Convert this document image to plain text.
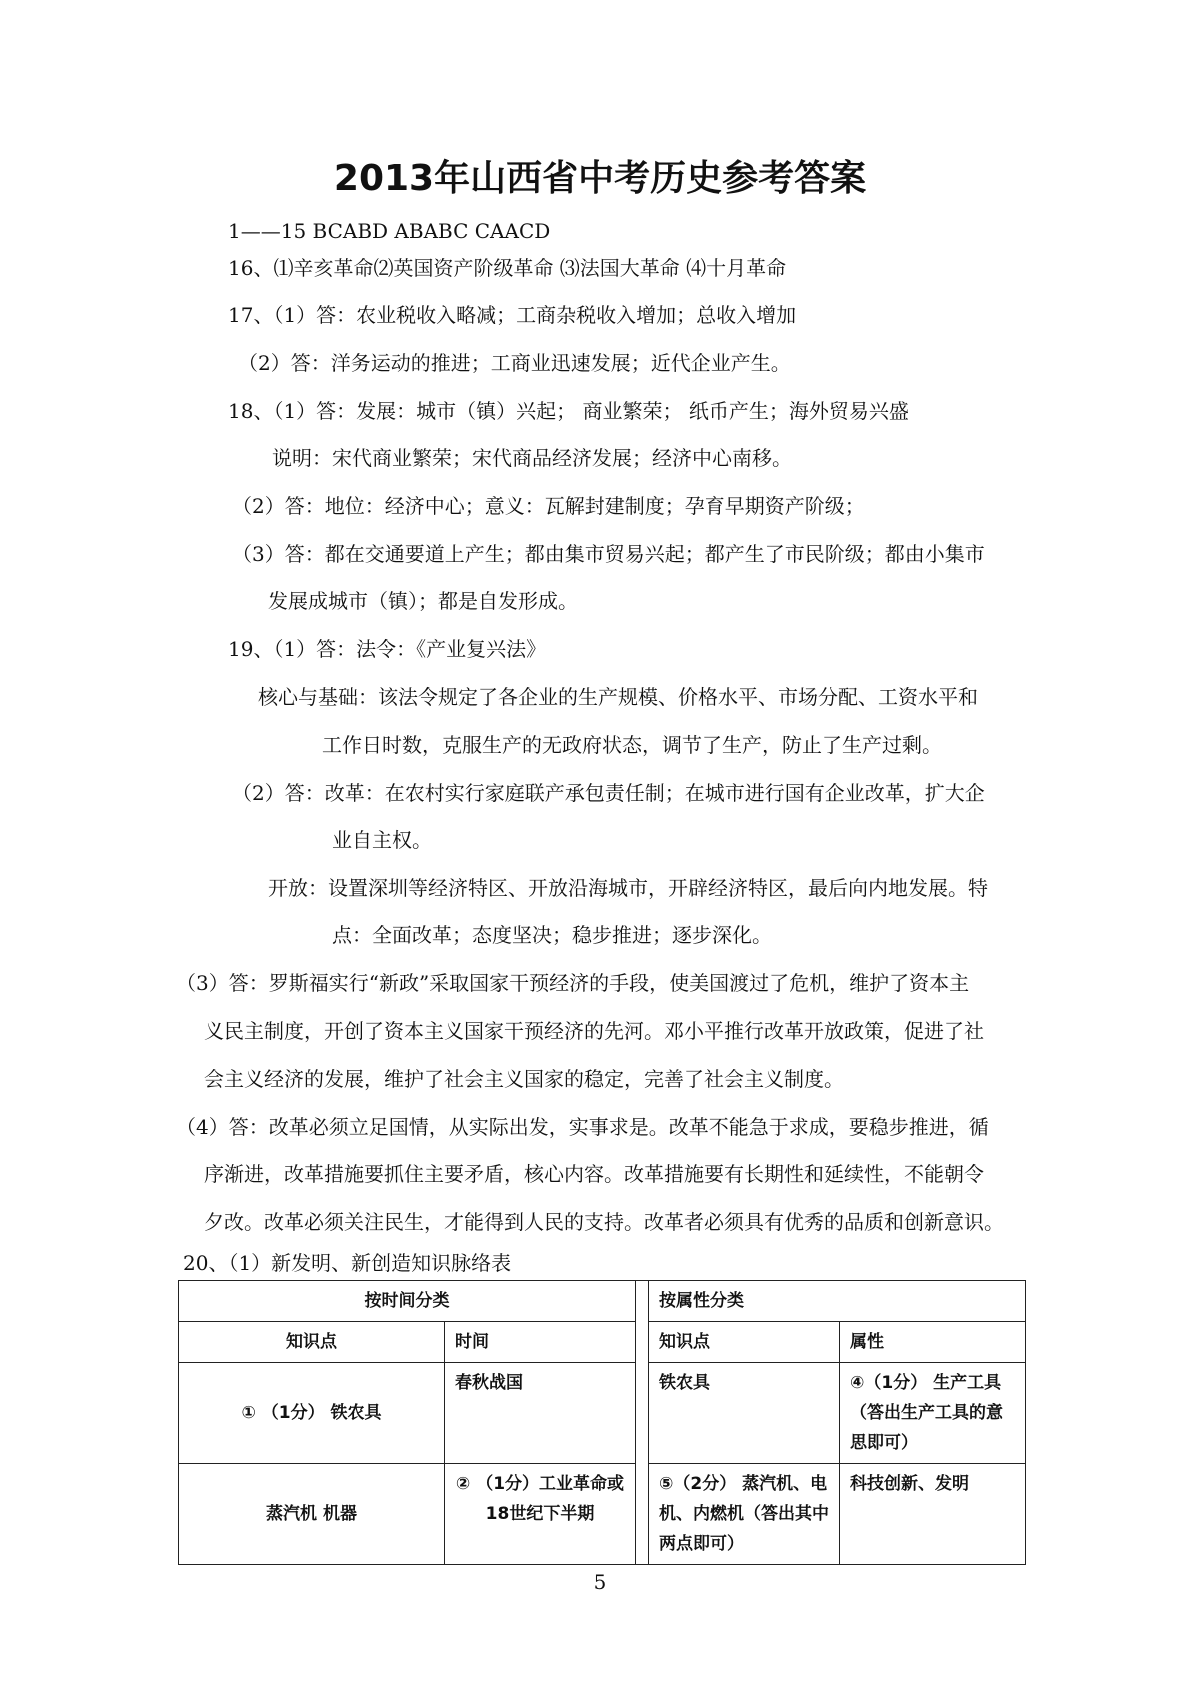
2013年山西省中考历史参考答案
1——15 BCABD ABABC CAACD
16、⑴辛亥革命⑵英国资产阶级革命 ⑶法国大革命 ⑷十月革命
17、（1）答：农业税收入略减；工商杂税收入增加；总收入增加
（2）答：洋务运动的推进；工商业迅速发展；近代企业产生。
18、（1）答：发展：城市（镇）兴起； 商业繁荣； 纸币产生；海外贸易兴盛
说明：宋代商业繁荣；宋代商品经济发展；经济中心南移。
（2）答：地位：经济中心；意义：瓦解封建制度；孕育早期资产阶级；
（3）答：都在交通要道上产生；都由集市贸易兴起；都产生了市民阶级；都由小集市
发展成城市（镇）；都是自发形成。
19、（1）答：法令：《产业复兴法》
核心与基础：该法令规定了各企业的生产规模、价格水平、市场分配、工资水平和
工作日时数，克服生产的无政府状态，调节了生产，防止了生产过剩。
（2）答：改革：在农村实行家庭联产承包责任制；在城市进行国有企业改革，扩大企
业自主权。
开放：设置深圳等经济特区、开放沿海城市，开辟经济特区，最后向内地发展。特
点：全面改革；态度坚决；稳步推进；逐步深化。
（3）答：罗斯福实行“新政”采取国家干预经济的手段，使美国渡过了危机，维护了资本主
义民主制度，开创了资本主义国家干预经济的先河。邓小平推行改革开放政策，促进了社
会主义经济的发展，维护了社会主义国家的稳定，完善了社会主义制度。
（4）答：改革必须立足国情，从实际出发，实事求是。改革不能急于求成，要稳步推进，循
序渐进，改革措施要抓住主要矛盾，核心内容。改革措施要有长期性和延续性，不能朝令
夕改。改革必须关注民生，才能得到人民的支持。改革者必须具有优秀的品质和创新意识。
20、（1）新发明、新创造知识脉络表
按时间分类			按属性分类	
知识点	时间		知识点	属性
① （1分） 铁农具	春秋战国		铁农具	④（1分） 生产工具（答出生产工具的意思即可）
蒸汽机 机器	② （1分）工业革命或18世纪下半期		⑤（2分） 蒸汽机、电机、内燃机（答出其中两点即可）	科技创新、发明
5
